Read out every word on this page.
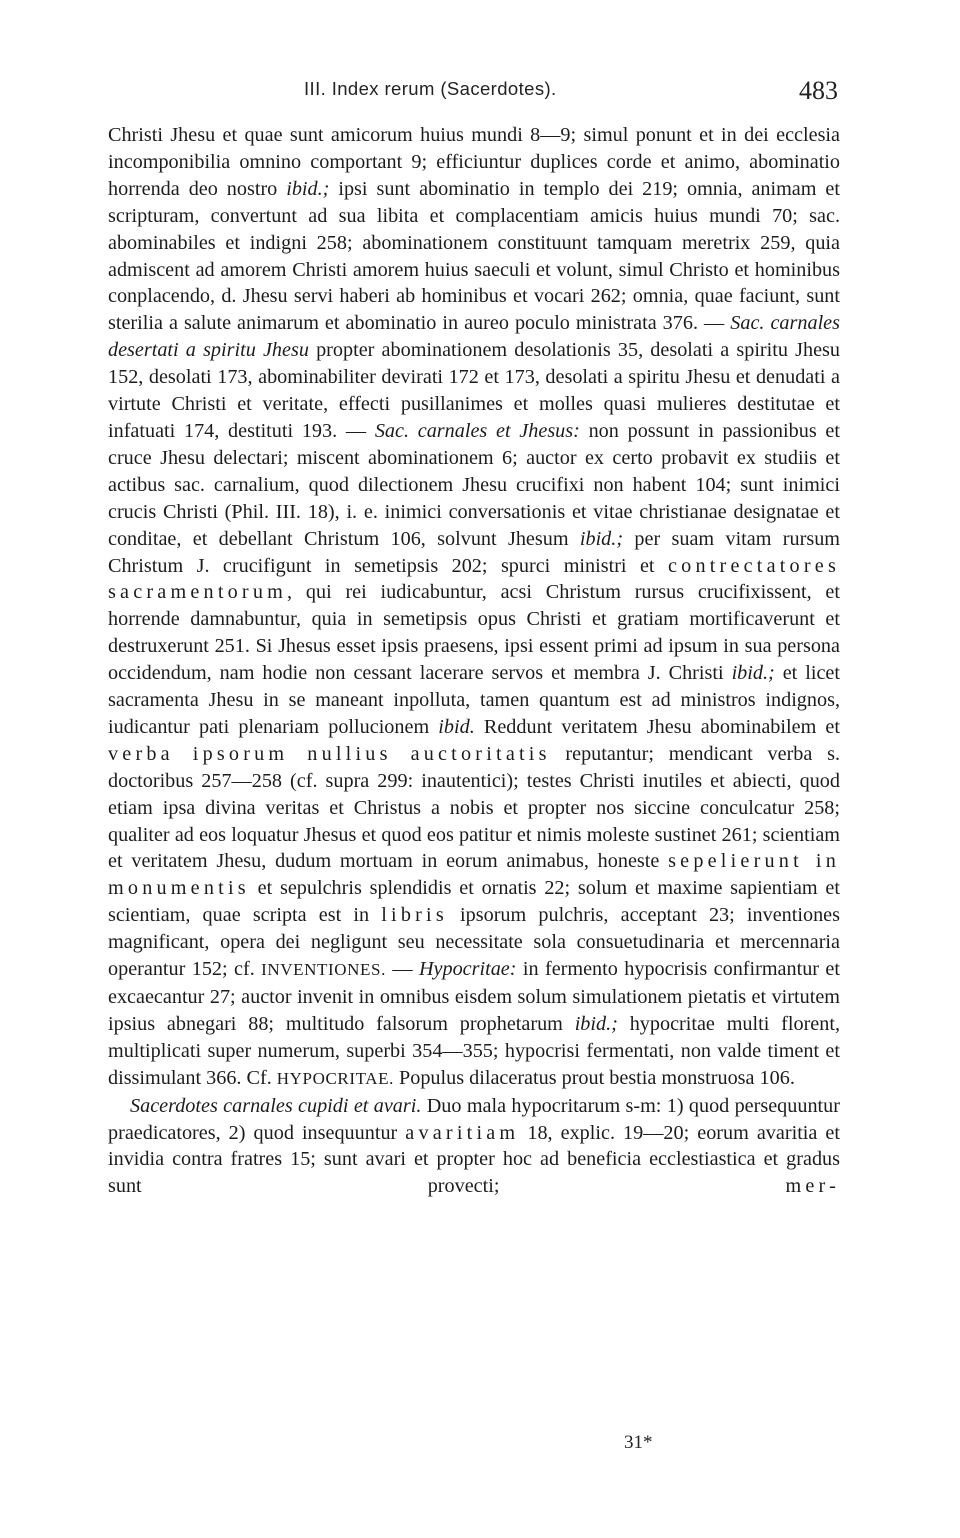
III. Index rerum (Sacerdotes).	483

Christi Jhesu et quae sunt amicorum huius mundi 8—9; simul ponunt et in dei ecclesia incomponibilia omnino comportant 9; efficiuntur duplices corde et animo, abominatio horrenda deo nostro ibid.; ipsi sunt abominatio in templo dei 219; omnia, animam et scripturam, convertunt ad sua libita et complacentiam amicis huius mundi 70; sac. abominabiles et indigni 258; abominationem constituunt tamquam meretrix 259, quia admiscent ad amorem Christi amorem huius saeculi et volunt, simul Christo et hominibus conplacendo, d. Jhesu servi haberi ab hominibus et vocari 262; omnia, quae faciunt, sunt sterilia a salute animarum et abominatio in aureo poculo ministrata 376. — Sac. carnales desertati a spiritu Jhesu propter abominationem desolationis 35, desolati a spiritu Jhesu 152, desolati 173, abominabiliter devirati 172 et 173, desolati a spiritu Jhesu et denudati a virtute Christi et veritate, effecti pusillanimes et molles quasi mulieres destitutae et infatuati 174, destituti 193. — Sac. carnales et Jhesus: non possunt in passionibus et cruce Jhesu delectari; miscent abominationem 6; auctor ex certo probavit ex studiis et actibus sac. carnalium, quod dilectionem Jhesu crucifixi non habent 104; sunt inimici crucis Christi (Phil. III. 18), i. e. inimici conversationis et vitae christianae designatae et conditae, et debellant Christum 106, solvunt Jhesum ibid.; per suam vitam rursum Christum J. crucifigunt in semetipsis 202; spurci ministri et contrectatores sacramentorum, qui rei iudicabuntur, acsi Christum rursus crucifixissent, et horrende damnabuntur, quia in semetipsis opus Christi et gratiam mortificaverunt et destruxerunt 251. Si Jhesus esset ipsis praesens, ipsi essent primi ad ipsum in sua persona occidendum, nam hodie non cessant lacerare servos et membra J. Christi ibid.; et licet sacramenta Jhesu in se maneant inpolluta, tamen quantum est ad ministros indignos, iudicantur pati plenariam pollucionem ibid. Reddunt veritatem Jhesu abominabilem et verba ipsorum nullius auctoritatis reputantur; mendicant verba s. doctoribus 257—258 (cf. supra 299: inautentici); testes Christi inutiles et abiecti, quod etiam ipsa divina veritas et Christus a nobis et propter nos siccine conculcatur 258; qualiter ad eos loquatur Jhesus et quod eos patitur et nimis moleste sustinet 261; scientiam et veritatem Jhesu, dudum mortuam in eorum animabus, honeste sepelierunt in monumentis et sepulchris splendidis et ornatis 22; solum et maxime sapientiam et scientiam, quae scripta est in libris ipsorum pulchris, acceptant 23; inventiones magnificant, opera dei negligunt seu necessitate sola consuetudinaria et mercennaria operantur 152; cf. INVENTIONES. — Hypocritae: in fermento hypocrisis confirmantur et excaecantur 27; auctor invenit in omnibus eisdem solum simulationem pietatis et virtutem ipsius abnegari 88; multitudo falsorum prophetarum ibid.; hypocritae multi florent, multiplicati super numerum, superbi 354—355; hypocrisi fermentati, non valde timent et dissimulant 366. Cf. HYPOCRITAE. Populus dilaceratus prout bestia monstruosa 106.

Sacerdotes carnales cupidi et avari. Duo mala hypocritarum s-m: 1) quod persequuntur praedicatores, 2) quod insequuntur avaritiam 18, explic. 19—20; eorum avaritia et invidia contra fratres 15; sunt avari et propter hoc ad beneficia ecclestiastica et gradus sunt provecti; mer-

31*
